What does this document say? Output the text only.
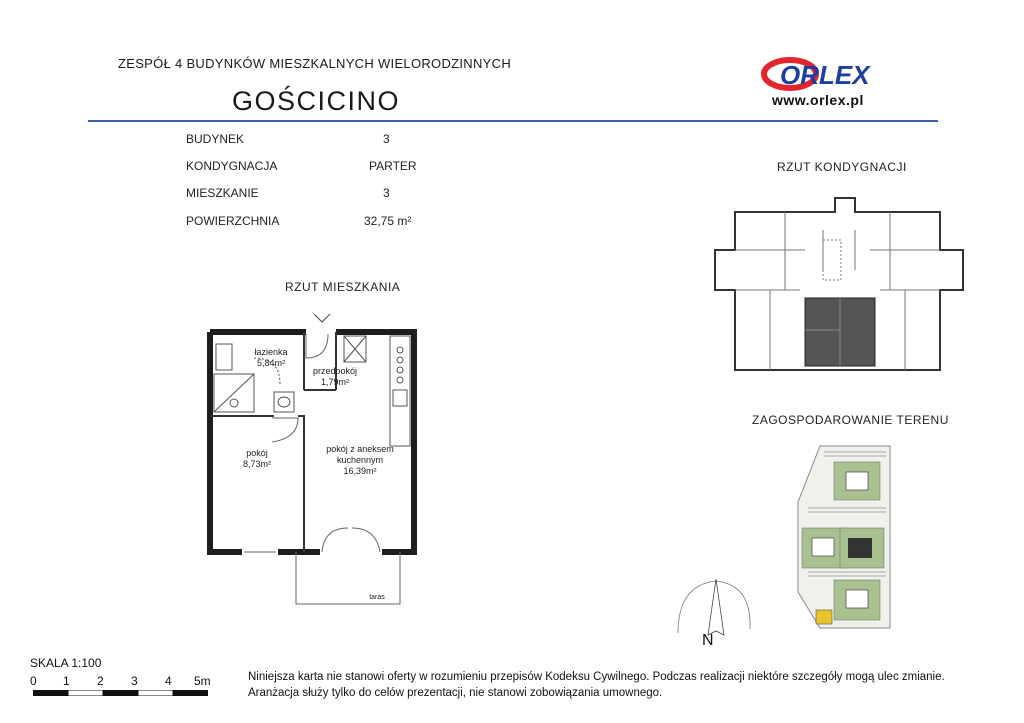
ZESPÓŁ 4 BUDYNKÓW MIESZKALNYCH WIELORODZINNYCH
GOŚCICINO
ORLEX
www.orlex.pl
BUDYNEK	3
KONDYGNACJA	PARTER
MIESZKANIE	3
POWIERZCHNIA	32,75 m²
RZUT MIESZKANIA
łazienka
5,84m²
przedpokój
1,79m²
pokój
8,73m²
pokój z aneksem
kuchennym
16,39m²
taras
RZUT KONDYGNACJI
ZAGOSPODAROWANIE TERENU
N
SKALA 1:100
0 1 2 3 4 5m	Niniejsza karta nie stanowi oferty w rozumieniu przepisów Kodeksu Cywilnego. Podczas realizacji niektóre szczegóły mogą ulec zmianie.
Aranżacja służy tylko do celów prezentacji, nie stanowi zobowiązania umownego.
